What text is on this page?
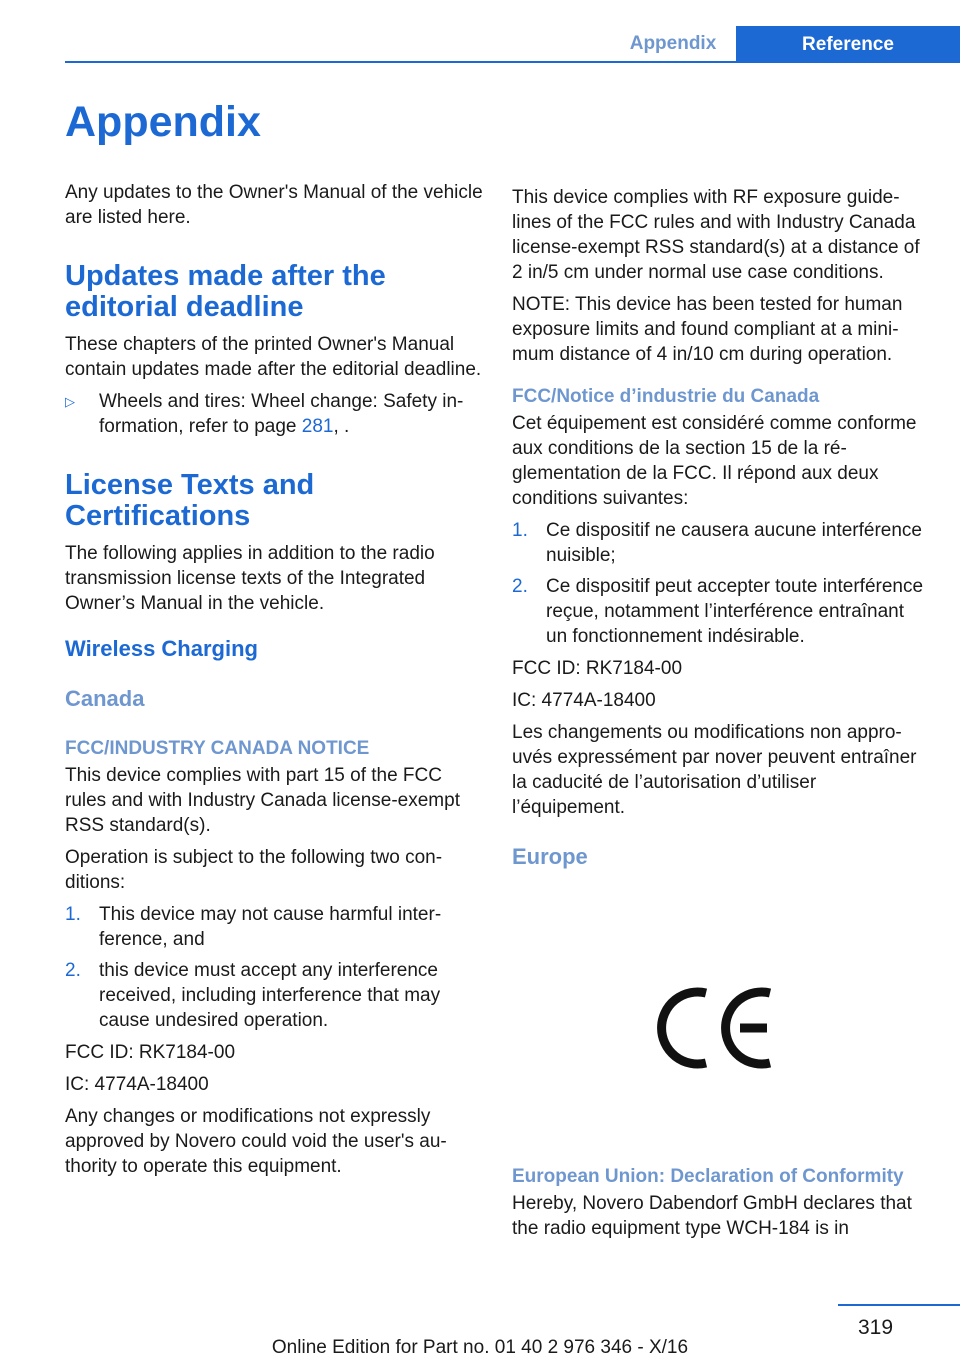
Appendix	Reference
Appendix

Any updates to the Owner's Manual of the vehicle are listed here.

Updates made after the editorial deadline

These chapters of the printed Owner's Manual contain updates made after the editorial deadline.

▷ Wheels and tires: Wheel change: Safety information, refer to page 281, .
License Texts and Certifications

The following applies in addition to the radio transmission license texts of the Integrated Owner’s Manual in the vehicle.

Wireless Charging
Canada
FCC/INDUSTRY CANADA NOTICE

This device complies with part 15 of the FCC rules and with Industry Canada license-exempt RSS standard(s).

Operation is subject to the following two conditions:

1. This device may not cause harmful interference, and
2. this device must accept any interference received, including interference that may cause undesired operation.

FCC ID: RK7184-00

IC: 4774A-18400

Any changes or modifications not expressly approved by Novero could void the user's authority to operate this equipment.

This device complies with RF exposure guidelines of the FCC rules and with Industry Canada license-exempt RSS standard(s) at a distance of 2 in/5 cm under normal use case conditions.

NOTE: This device has been tested for human exposure limits and found compliant at a minimum distance of 4 in/10 cm during operation.

FCC/Notice d’industrie du Canada

Cet équipement est considéré comme conforme aux conditions de la section 15 de la réglementation de la FCC. Il répond aux deux conditions suivantes:

1. Ce dispositif ne causera aucune interférence nuisible;
2. Ce dispositif peut accepter toute interférence reçue, notamment l’interférence entraînant un fonctionnement indésirable.

FCC ID: RK7184-00

IC: 4774A-18400

Les changements ou modifications non approuvés expressément par nover peuvent entraîner la caducité de l’autorisation d’utiliser l’équipement.

Europe
European Union: Declaration of Conformity

Hereby, Novero Dabendorf GmbH declares that the radio equipment type WCH-184 is in

319
Online Edition for Part no. 01 40 2 976 346 - X/16
